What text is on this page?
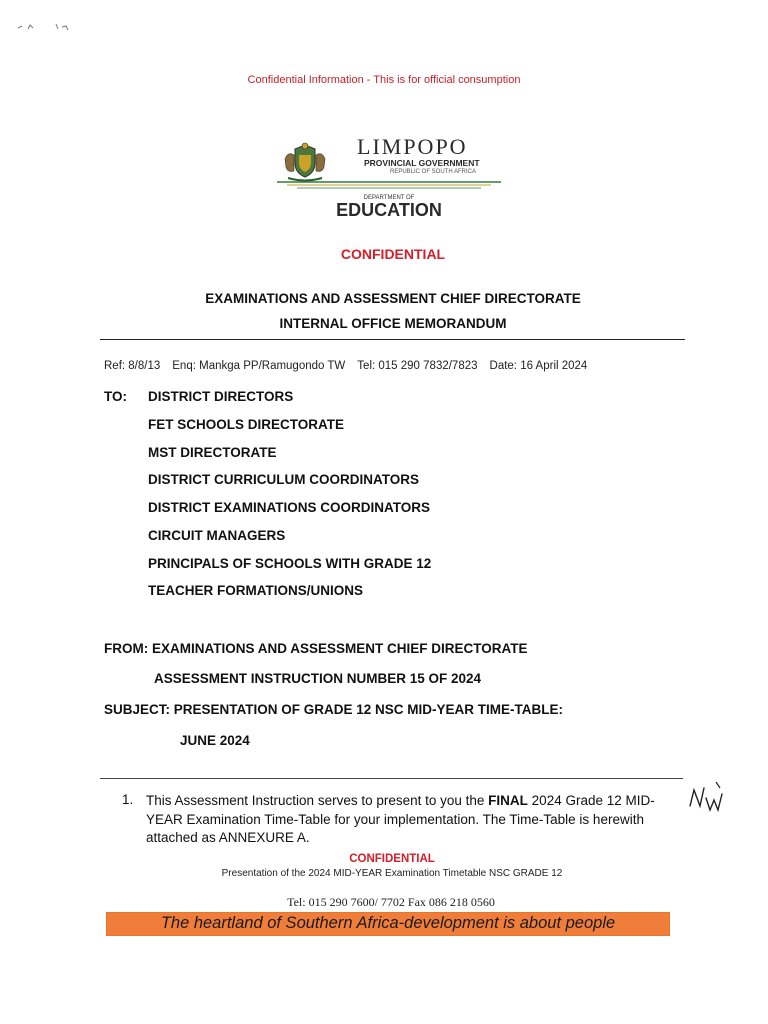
Confidential Information - This is for official consumption
LIMPOPO
PROVINCIAL GOVERNMENT
REPUBLIC OF SOUTH AFRICA
DEPARTMENT OF
EDUCATION
CONFIDENTIAL
EXAMINATIONS AND ASSESSMENT CHIEF DIRECTORATE
INTERNAL OFFICE MEMORANDUM
Ref: 8/8/13 Enq: Mankga PP/Ramugondo TW Tel: 015 290 7832/7823 Date: 16 April 2024
TO: DISTRICT DIRECTORS
FET SCHOOLS DIRECTORATE
MST DIRECTORATE
DISTRICT CURRICULUM COORDINATORS
DISTRICT EXAMINATIONS COORDINATORS
CIRCUIT MANAGERS
PRINCIPALS OF SCHOOLS WITH GRADE 12
TEACHER FORMATIONS/UNIONS
FROM: EXAMINATIONS AND ASSESSMENT CHIEF DIRECTORATE
ASSESSMENT INSTRUCTION NUMBER 15 OF 2024
SUBJECT: PRESENTATION OF GRADE 12 NSC MID-YEAR TIME-TABLE:
JUNE 2024
1. This Assessment Instruction serves to present to you the FINAL 2024 Grade 12 MID-YEAR Examination Time-Table for your implementation. The Time-Table is herewith attached as ANNEXURE A.
CONFIDENTIAL
Presentation of the 2024 MID-YEAR Examination Timetable NSC GRADE 12
Tel: 015 290 7600/ 7702 Fax 086 218 0560
The heartland of Southern Africa-development is about people
